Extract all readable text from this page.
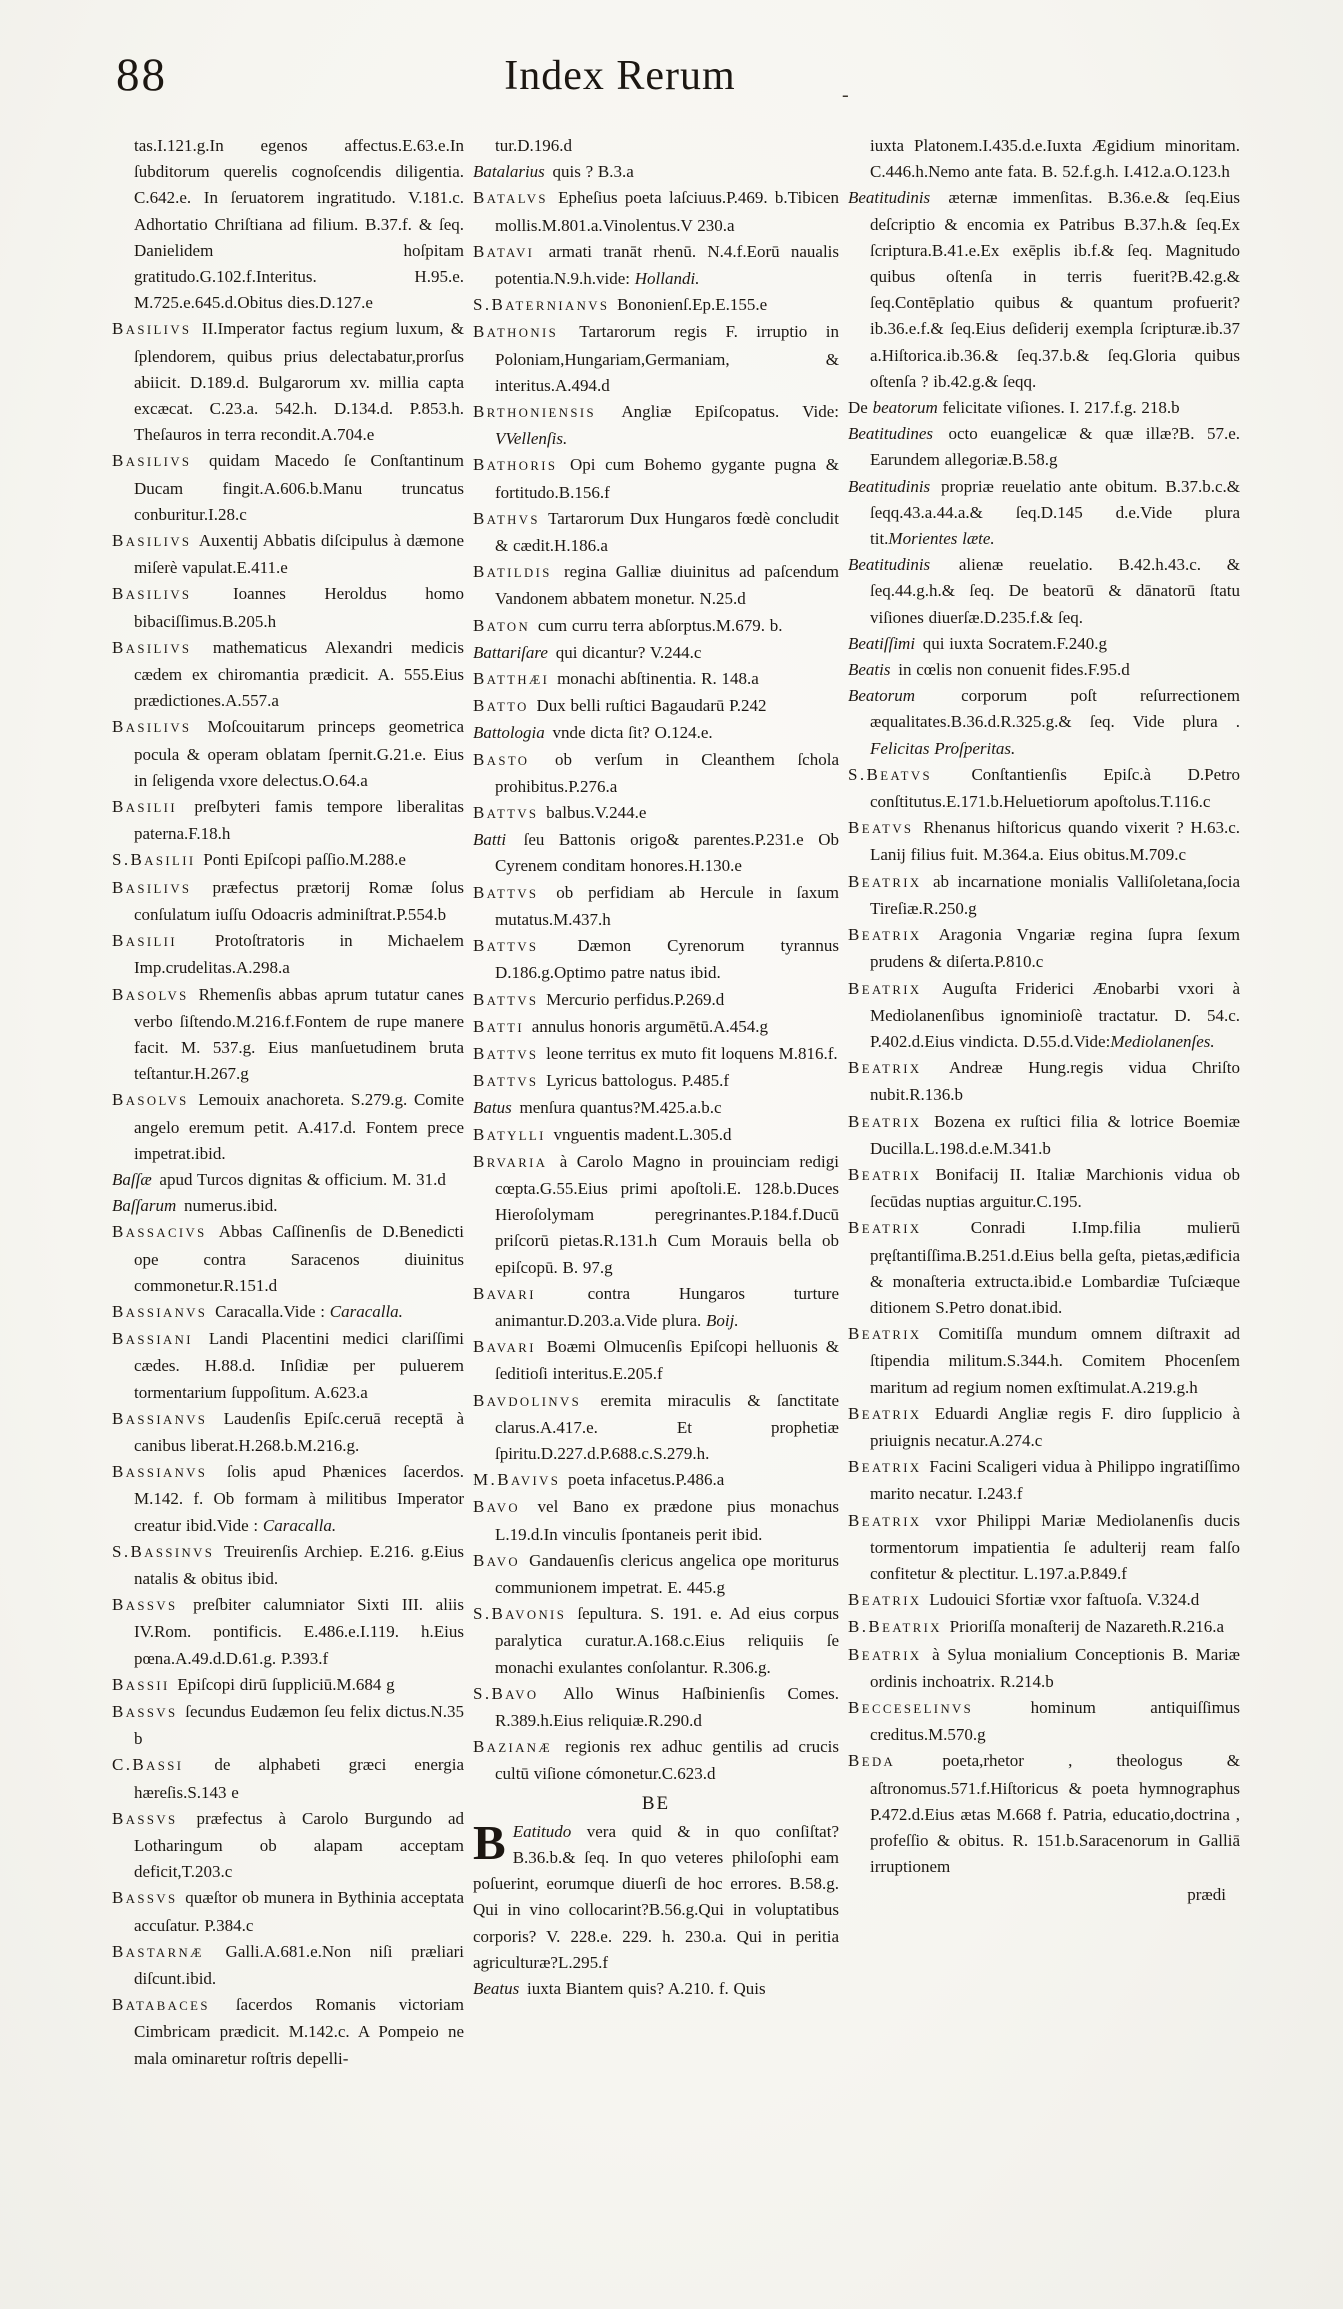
88	Index Rerum	-

tas.I.121.g.In egenos affectus.E.63.e.In ſubditorum querelis cognoſcendis diligentia. C.642.e. In ſeruatorem ingratitudo. V.181.c. Adhortatio Chriſtiana ad filium. B.37.f. & ſeq. Danielidem hoſpitam gratitudo.G.102.f.Interitus. H.95.e. M.725.e.645.d.Obitus dies.D.127.e

BASILIVS II.Imperator factus regium luxum, & ſplendorem, quibus prius delectabatur,prorſus abiicit. D.189.d. Bulgarorum xv. millia capta excæcat. C.23.a. 542.h. D.134.d. P.853.h. Theſauros in terra recondit.A.704.e

BASILIVS quidam Macedo ſe Conſtantinum Ducam fingit.A.606.b.Manu truncatus conburitur.I.28.c

BASILIVS Auxentij Abbatis diſcipulus à dæmone miſerè vapulat.E.411.e

BASILIVS Ioannes Heroldus homo bibaciſſimus.B.205.h

BASILIVS mathematicus Alexandri medicis cædem ex chiromantia prædicit. A. 555.Eius prædictiones.A.557.a

BASILIVS Moſcouitarum princeps geometrica pocula & operam oblatam ſpernit.G.21.e. Eius in ſeligenda vxore delectus.O.64.a

BASILII preſbyteri famis tempore liberalitas paterna.F.18.h

S.BASILII Ponti Epiſcopi paſſio.M.288.e

BASILIVS præfectus prætorij Romæ ſolus conſulatum iuſſu Odoacris adminiſtrat.P.554.b

BASILII Protoſtratoris in Michaelem Imp.crudelitas.A.298.a

BASOLVS Rhemenſis abbas aprum tutatur canes verbo ſiſtendo.M.216.f.Fontem de rupe manere facit. M. 537.g. Eius manſuetudinem bruta teſtantur.H.267.g

BASOLVS Lemouix anachoreta. S.279.g. Comite angelo eremum petit. A.417.d. Fontem prece impetrat.ibid.

Baſſæ apud Turcos dignitas & officium. M. 31.d

Baſſarum numerus.ibid.

BASSACIVS Abbas Caſſinenſis de D.Benedicti ope contra Saracenos diuinitus commonetur.R.151.d

BASSIANVS Caracalla.Vide : Caracalla.

BASSIANI Landi Placentini medici clariſſimi cædes. H.88.d. Inſidiæ per puluerem tormentarium ſuppoſitum. A.623.a

BASSIANVS Laudenſis Epiſc.ceruā receptā à canibus liberat.H.268.b.M.216.g.

BASSIANVS ſolis apud Phænices ſacerdos. M.142. f. Ob formam à militibus Imperator creatur ibid.Vide : Caracalla.

S.BASSINVS Treuirenſis Archiep. E.216. g.Eius natalis & obitus ibid.

BASSVS preſbiter calumniator Sixti III. aliis IV.Rom. pontificis. E.486.e.I.119. h.Eius pœna.A.49.d.D.61.g. P.393.f

BASSII Epiſcopi dirū ſuppliciū.M.684 g

BASSVS ſecundus Eudæmon ſeu felix dictus.N.35 b

C.BASSI de alphabeti græci energia hæreſis.S.143 e

BASSVS præfectus à Carolo Burgundo ad Lotharingum ob alapam acceptam deficit,T.203.c

BASSVS quæſtor ob munera in Bythinia acceptata accuſatur. P.384.c

BASTARNÆ Galli.A.681.e.Non niſi præliari diſcunt.ibid.

BATABACES ſacerdos Romanis victoriam Cimbricam prædicit. M.142.c. A Pompeio ne mala ominaretur roſtris depelli-

tur.D.196.d

Batalarius quis ? B.3.a

BATALVS Epheſius poeta laſciuus.P.469. b.Tibicen mollis.M.801.a.Vinolentus.V 230.a

BATAVI armati tranāt rhenū. N.4.f.Eorū naualis potentia.N.9.h.vide: Hollandi.

S.BATERNIANVS Bononienſ.Ep.E.155.e

BATHONIS Tartarorum regis F. irruptio in Poloniam,Hungariam,Germaniam, & interitus.A.494.d

BRTHONIENSIS Angliæ Epiſcopatus. Vide: VVellenſis.

BATHORIS Opi cum Bohemo gygante pugna & fortitudo.B.156.f

BATHVS Tartarorum Dux Hungaros fœdè concludit & cædit.H.186.a

BATILDIS regina Galliæ diuinitus ad paſcendum Vandonem abbatem monetur. N.25.d

BATON cum curru terra abſorptus.M.679. b.

Battariſare qui dicantur? V.244.c

BATTHÆI monachi abſtinentia. R. 148.a

BATTO Dux belli ruſtici Bagaudarū P.242

Battologia vnde dicta ſit? O.124.e.

BASTO ob verſum in Cleanthem ſchola prohibitus.P.276.a

BATTVS balbus.V.244.e

Batti ſeu Battonis origo& parentes.P.231.e Ob Cyrenem conditam honores.H.130.e

BATTVS ob perfidiam ab Hercule in ſaxum mutatus.M.437.h

BATTVS Dæmon Cyrenorum tyrannus D.186.g.Optimo patre natus ibid.

BATTVS Mercurio perfidus.P.269.d

BATTI annulus honoris argumētū.A.454.g

BATTVS leone territus ex muto fit loquens M.816.f.

BATTVS Lyricus battologus. P.485.f

Batus menſura quantus?M.425.a.b.c

BATYLLI vnguentis madent.L.305.d

BRVARIA à Carolo Magno in prouinciam redigi cœpta.G.55.Eius primi apoſtoli.E. 128.b.Duces Hieroſolymam peregrinantes.P.184.f.Ducū priſcorū pietas.R.131.h Cum Morauis bella ob epiſcopū. B. 97.g

BAVARI	contra Hungaros turture animantur.D.203.a.Vide plura. Boij.

BAVARI Boæmi Olmucenſis Epiſcopi helluonis & ſeditioſi interitus.E.205.f

BAVDOLINVS eremita miraculis & ſanctitate clarus.A.417.e. Et prophetiæ ſpiritu.D.227.d.P.688.c.S.279.h.

M.BAVIVS poeta infacetus.P.486.a

BAVO vel Bano ex prædone pius monachus L.19.d.In vinculis ſpontaneis perit ibid.

BAVO Gandauenſis clericus angelica ope moriturus communionem impetrat. E. 445.g

S.BAVONIS ſepultura. S. 191. e. Ad eius corpus paralytica curatur.A.168.c.Eius reliquiis ſe monachi exulantes conſolantur. R.306.g.

S.BAVO Allo Winus Haſbinienſis Comes. R.389.h.Eius reliquiæ.R.290.d

BAZIANÆ regionis rex adhuc gentilis ad crucis cultū viſione cómonetur.C.623.d

BE

B Eatitudo vera quid & in quo conſiſtat? B.36.b.& ſeq. In quo veteres philoſophi eam poſuerint, eorumque diuerſi de hoc errores. B.58.g. Qui in vino collocarint?B.56.g.Qui in voluptatibus corporis? V. 228.e. 229. h. 230.a. Qui in peritia agriculturæ?L.295.f

Beatus iuxta Biantem quis? A.210. f. Quis

iuxta Platonem.I.435.d.e.Iuxta Ægidium minoritam. C.446.h.Nemo ante fata. B. 52.f.g.h. I.412.a.O.123.h

Beatitudinis æternæ immenſitas. B.36.e.& ſeq.Eius deſcriptio & encomia ex Patribus B.37.h.& ſeq.Ex ſcriptura.B.41.e.Ex exēplis ib.f.& ſeq. Magnitudo quibus oſtenſa in terris fuerit?B.42.g.& ſeq.Contēplatio quibus & quantum profuerit?ib.36.e.f.& ſeq.Eius deſiderij exempla ſcripturæ.ib.37 a.Hiſtorica.ib.36.& ſeq.37.b.& ſeq.Gloria quibus oſtenſa ? ib.42.g.& ſeqq.

De beatorum felicitate viſiones. I. 217.f.g. 218.b

Beatitudines octo euangelicæ & quæ illæ?B. 57.e. Earundem allegoriæ.B.58.g

Beatitudinis propriæ reuelatio ante obitum. B.37.b.c.& ſeqq.43.a.44.a.& ſeq.D.145 d.e.Vide plura tit.Morientes læte.

Beatitudinis alienæ reuelatio. B.42.h.43.c. & ſeq.44.g.h.& ſeq. De beatorū & dānatorū ſtatu viſiones diuerſæ.D.235.f.& ſeq.

Beatiſſimi qui iuxta Socratem.F.240.g

Beatis in cœlis non conuenit fides.F.95.d

Beatorum	corporum poſt reſurrectionem æqualitates.B.36.d.R.325.g.& ſeq. Vide plura . Felicitas Proſperitas.

S.BEATVS Conſtantienſis Epiſc.à D.Petro conſtitutus.E.171.b.Heluetiorum apoſtolus.T.116.c

BEATVS Rhenanus hiſtoricus quando vixerit ? H.63.c. Lanij filius fuit. M.364.a. Eius obitus.M.709.c

BEATRIX ab incarnatione monialis Valliſoletana,ſocia Tireſiæ.R.250.g

BEATRIX Aragonia Vngariæ regina ſupra ſexum prudens & diſerta.P.810.c

BEATRIX Auguſta Friderici Ænobarbi vxori à Mediolanenſibus ignominioſè tractatur. D. 54.c. P.402.d.Eius vindicta. D.55.d.Vide:Mediolanenſes.

BEATRIX Andreæ Hung.regis vidua Chriſto nubit.R.136.b

BEATRIX Bozena ex ruſtici filia & lotrice Boemiæ Ducilla.L.198.d.e.M.341.b

BEATRIX Bonifacij II. Italiæ Marchionis vidua ob ſecūdas nuptias arguitur.C.195.

BEATRIX	Conradi I.Imp.filia mulierū pręſtantiſſima.B.251.d.Eius bella geſta, pietas,ædificia & monaſteria extructa.ibid.e Lombardiæ Tuſciæque ditionem S.Petro donat.ibid.

BEATRIX Comitiſſa mundum omnem diſtraxit ad ſtipendia militum.S.344.h. Comitem Phocenſem maritum ad regium nomen exſtimulat.A.219.g.h

BEATRIX Eduardi Angliæ regis F. diro ſupplicio à priuignis necatur.A.274.c

BEATRIX Facini Scaligeri vidua à Philippo ingratiſſimo marito necatur. I.243.f

BEATRIX vxor Philippi Mariæ Mediolanenſis ducis tormentorum impatientia ſe adulterij ream falſo confitetur & plectitur. L.197.a.P.849.f

BEATRIX Ludouici Sfortiæ vxor faſtuoſa. V.324.d

B.BEATRIX Prioriſſa monaſterij de Nazareth.R.216.a

BEATRIX à Sylua monialium Conceptionis B. Mariæ ordinis inchoatrix. R.214.b

BECCESELINVS	hominum antiquiſſimus creditus.M.570.g

BEDA	poeta,rhetor , theologus & aſtronomus.571.f.Hiſtoricus & poeta hymnographus P.472.d.Eius ætas M.668 f. Patria, educatio,doctrina , profeſſio & obitus. R. 151.b.Saracenorum in Galliā irruptionem

prædi
